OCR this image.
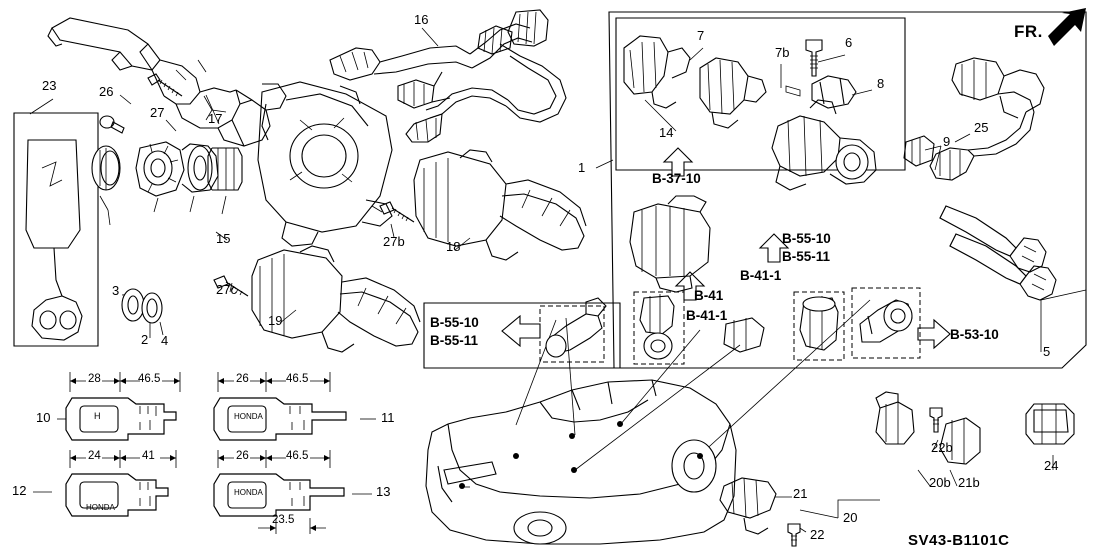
1
2
3
4
5
6
7
7b
8
9
10	11
12	13
14
15
16
17
18
19
20
20b
21
21b
22
22b
23
24
25
26
27
27b
27c
B-37-10
B-55-10
B-55-11
B-41-1
B-41
B-41-1
B-55-10
B-55-11	B-53-10
28	46.5	26	46.5
24	41	26	46.5
23.5
H	HONDA
HONDA
HONDA
FR.
SV43-B1101C
